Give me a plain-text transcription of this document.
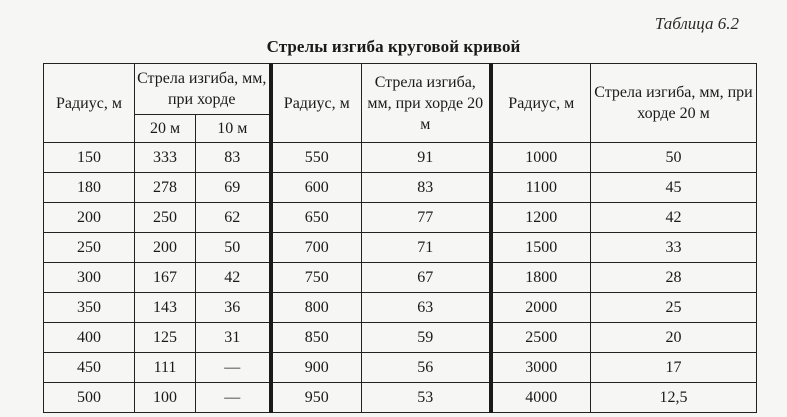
Таблица 6.2
Стрелы изгиба круговой кривой
Радиус, м	Стрела изгиба, мм, при хорде		Радиус, м	Стрела изгиба, мм, при хорде 20 м	Радиус, м	Стрела изгиба, мм, при хорде 20 м
	20 м	10 м				
150	333	83	550	91	1000	50
180	278	69	600	83	1100	45
200	250	62	650	77	1200	42
250	200	50	700	71	1500	33
300	167	42	750	67	1800	28
350	143	36	800	63	2000	25
400	125	31	850	59	2500	20
450	111	—	900	56	3000	17
500	100	—	950	53	4000	12,5
